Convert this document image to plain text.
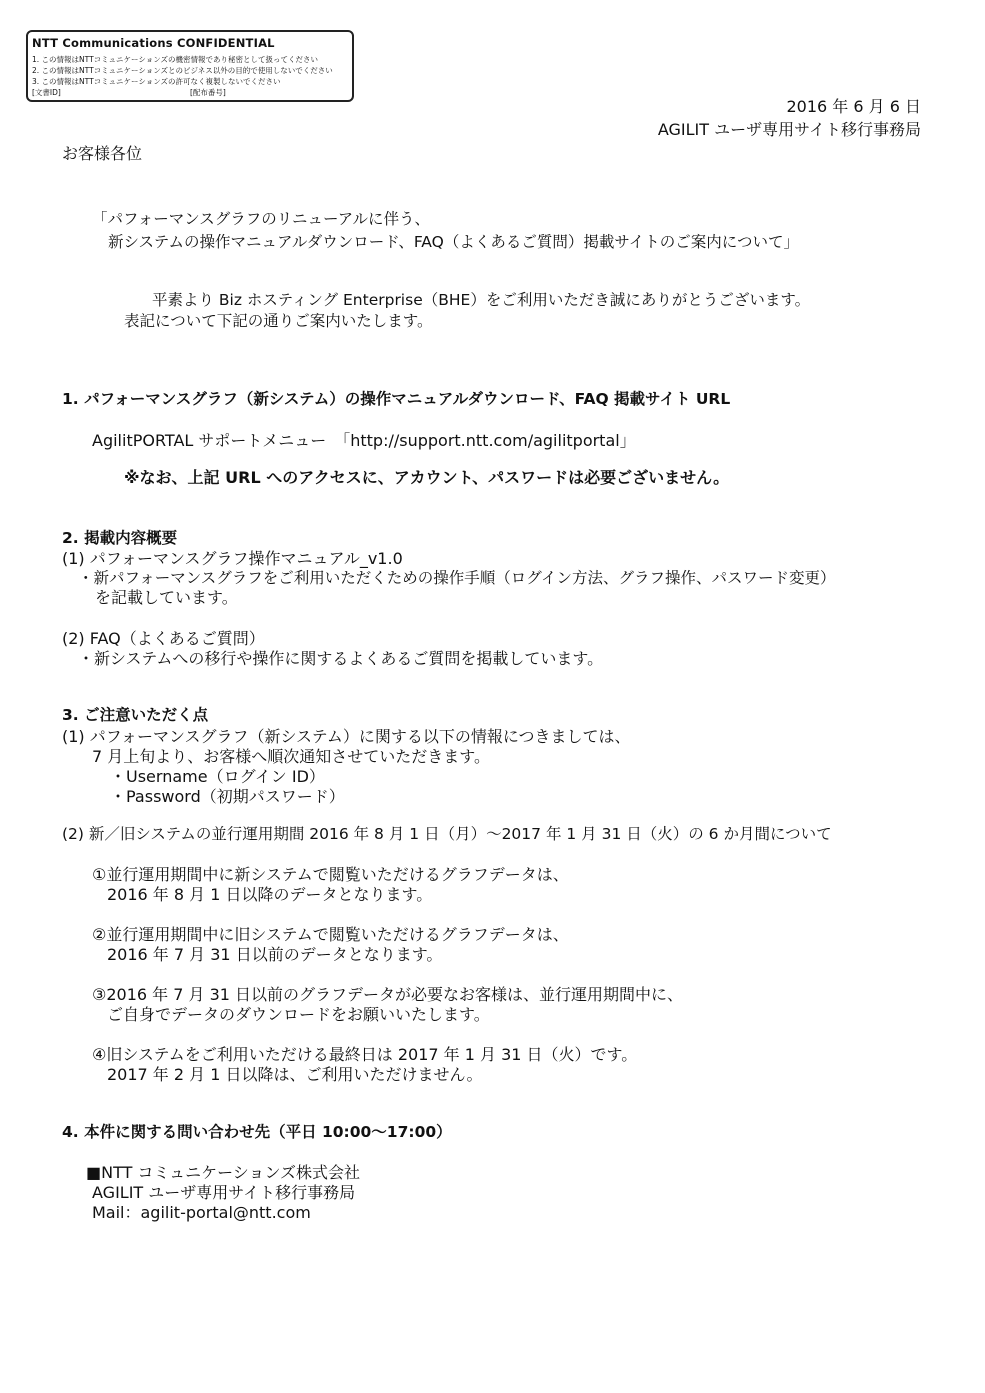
NTT Communications CONFIDENTIAL
1. この情報はNTTコミュニケーションズの機密情報であり秘密として扱ってください
2. この情報はNTTコミュニケーションズとのビジネス以外の目的で使用しないでください
3. この情報はNTTコミュニケーションズの許可なく複製しないでください
[文書ID]	[配布番号]
2016 年 6 月 6 日
AGILIT ユーザ専用サイト移行事務局
お客様各位
「パフォーマンスグラフのリニューアルに伴う、
新システムの操作マニュアルダウンロード、FAQ（よくあるご質問）掲載サイトのご案内について」
平素より Biz ホスティング Enterprise（BHE）をご利用いただき誠にありがとうございます。
表記について下記の通りご案内いたします。
1. パフォーマンスグラフ（新システム）の操作マニュアルダウンロード、FAQ 掲載サイト URL
AgilitPORTAL サポートメニュー　「http://support.ntt.com/agilitportal」
※なお、上記 URL へのアクセスに、アカウント、パスワードは必要ございません。
2. 掲載内容概要
(1) パフォーマンスグラフ操作マニュアル_v1.0
・新パフォーマンスグラフをご利用いただくための操作手順（ログイン方法、グラフ操作、パスワード変更）
を記載しています。
(2) FAQ（よくあるご質問）
・新システムへの移行や操作に関するよくあるご質問を掲載しています。
3. ご注意いただく点
(1) パフォーマンスグラフ（新システム）に関する以下の情報につきましては、
7 月上旬より、お客様へ順次通知させていただきます。
・Username（ログイン ID）
・Password（初期パスワード）
(2) 新／旧システムの並行運用期間 2016 年 8 月 1 日（月）～2017 年 1 月 31 日（火）の 6 か月間について
①並行運用期間中に新システムで閲覧いただけるグラフデータは、
2016 年 8 月 1 日以降のデータとなります。
②並行運用期間中に旧システムで閲覧いただけるグラフデータは、
2016 年 7 月 31 日以前のデータとなります。
③2016 年 7 月 31 日以前のグラフデータが必要なお客様は、並行運用期間中に、
ご自身でデータのダウンロードをお願いいたします。
④旧システムをご利用いただける最終日は 2017 年 1 月 31 日（火）です。
2017 年 2 月 1 日以降は、ご利用いただけません。
4. 本件に関する問い合わせ先（平日 10:00～17:00）
■NTT コミュニケーションズ株式会社
AGILIT ユーザ専用サイト移行事務局
Mail：agilit-portal@ntt.com
